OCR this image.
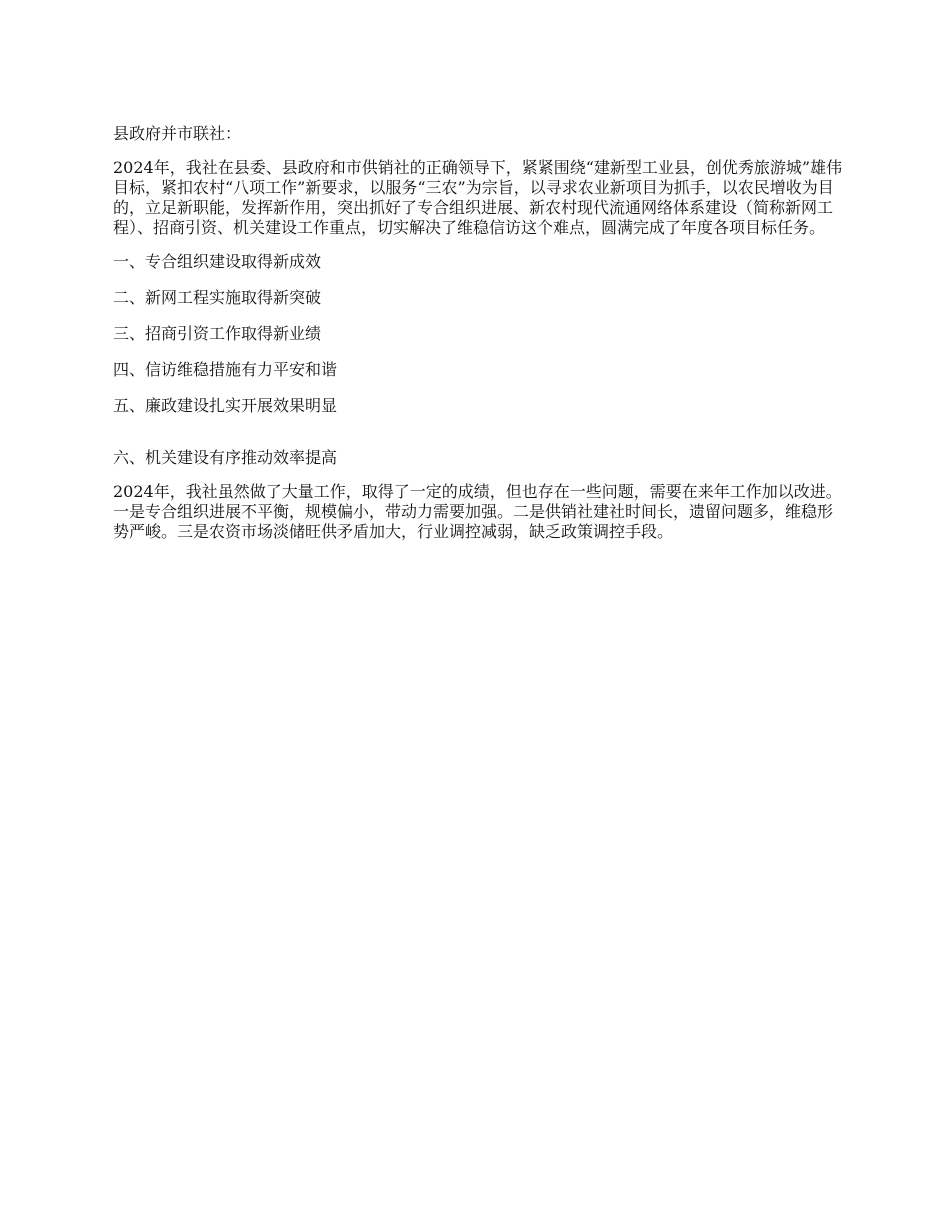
县政府并市联社：

2024年，我社在县委、县政府和市供销社的正确领导下，紧紧围绕“建新型工业县，创优秀旅游城”雄伟目标，紧扣农村“八项工作”新要求，以服务“三农”为宗旨，以寻求农业新项目为抓手，以农民增收为目的，立足新职能，发挥新作用，突出抓好了专合组织进展、新农村现代流通网络体系建设（简称新网工程）、招商引资、机关建设工作重点，切实解决了维稳信访这个难点，圆满完成了年度各项目标任务。

一、专合组织建设取得新成效

二、新网工程实施取得新突破

三、招商引资工作取得新业绩

四、信访维稳措施有力平安和谐

五、廉政建设扎实开展效果明显

六、机关建设有序推动效率提高

2024年，我社虽然做了大量工作，取得了一定的成绩，但也存在一些问题，需要在来年工作加以改进。一是专合组织进展不平衡，规模偏小，带动力需要加强。二是供销社建社时间长，遗留问题多，维稳形势严峻。三是农资市场淡储旺供矛盾加大，行业调控减弱，缺乏政策调控手段。
